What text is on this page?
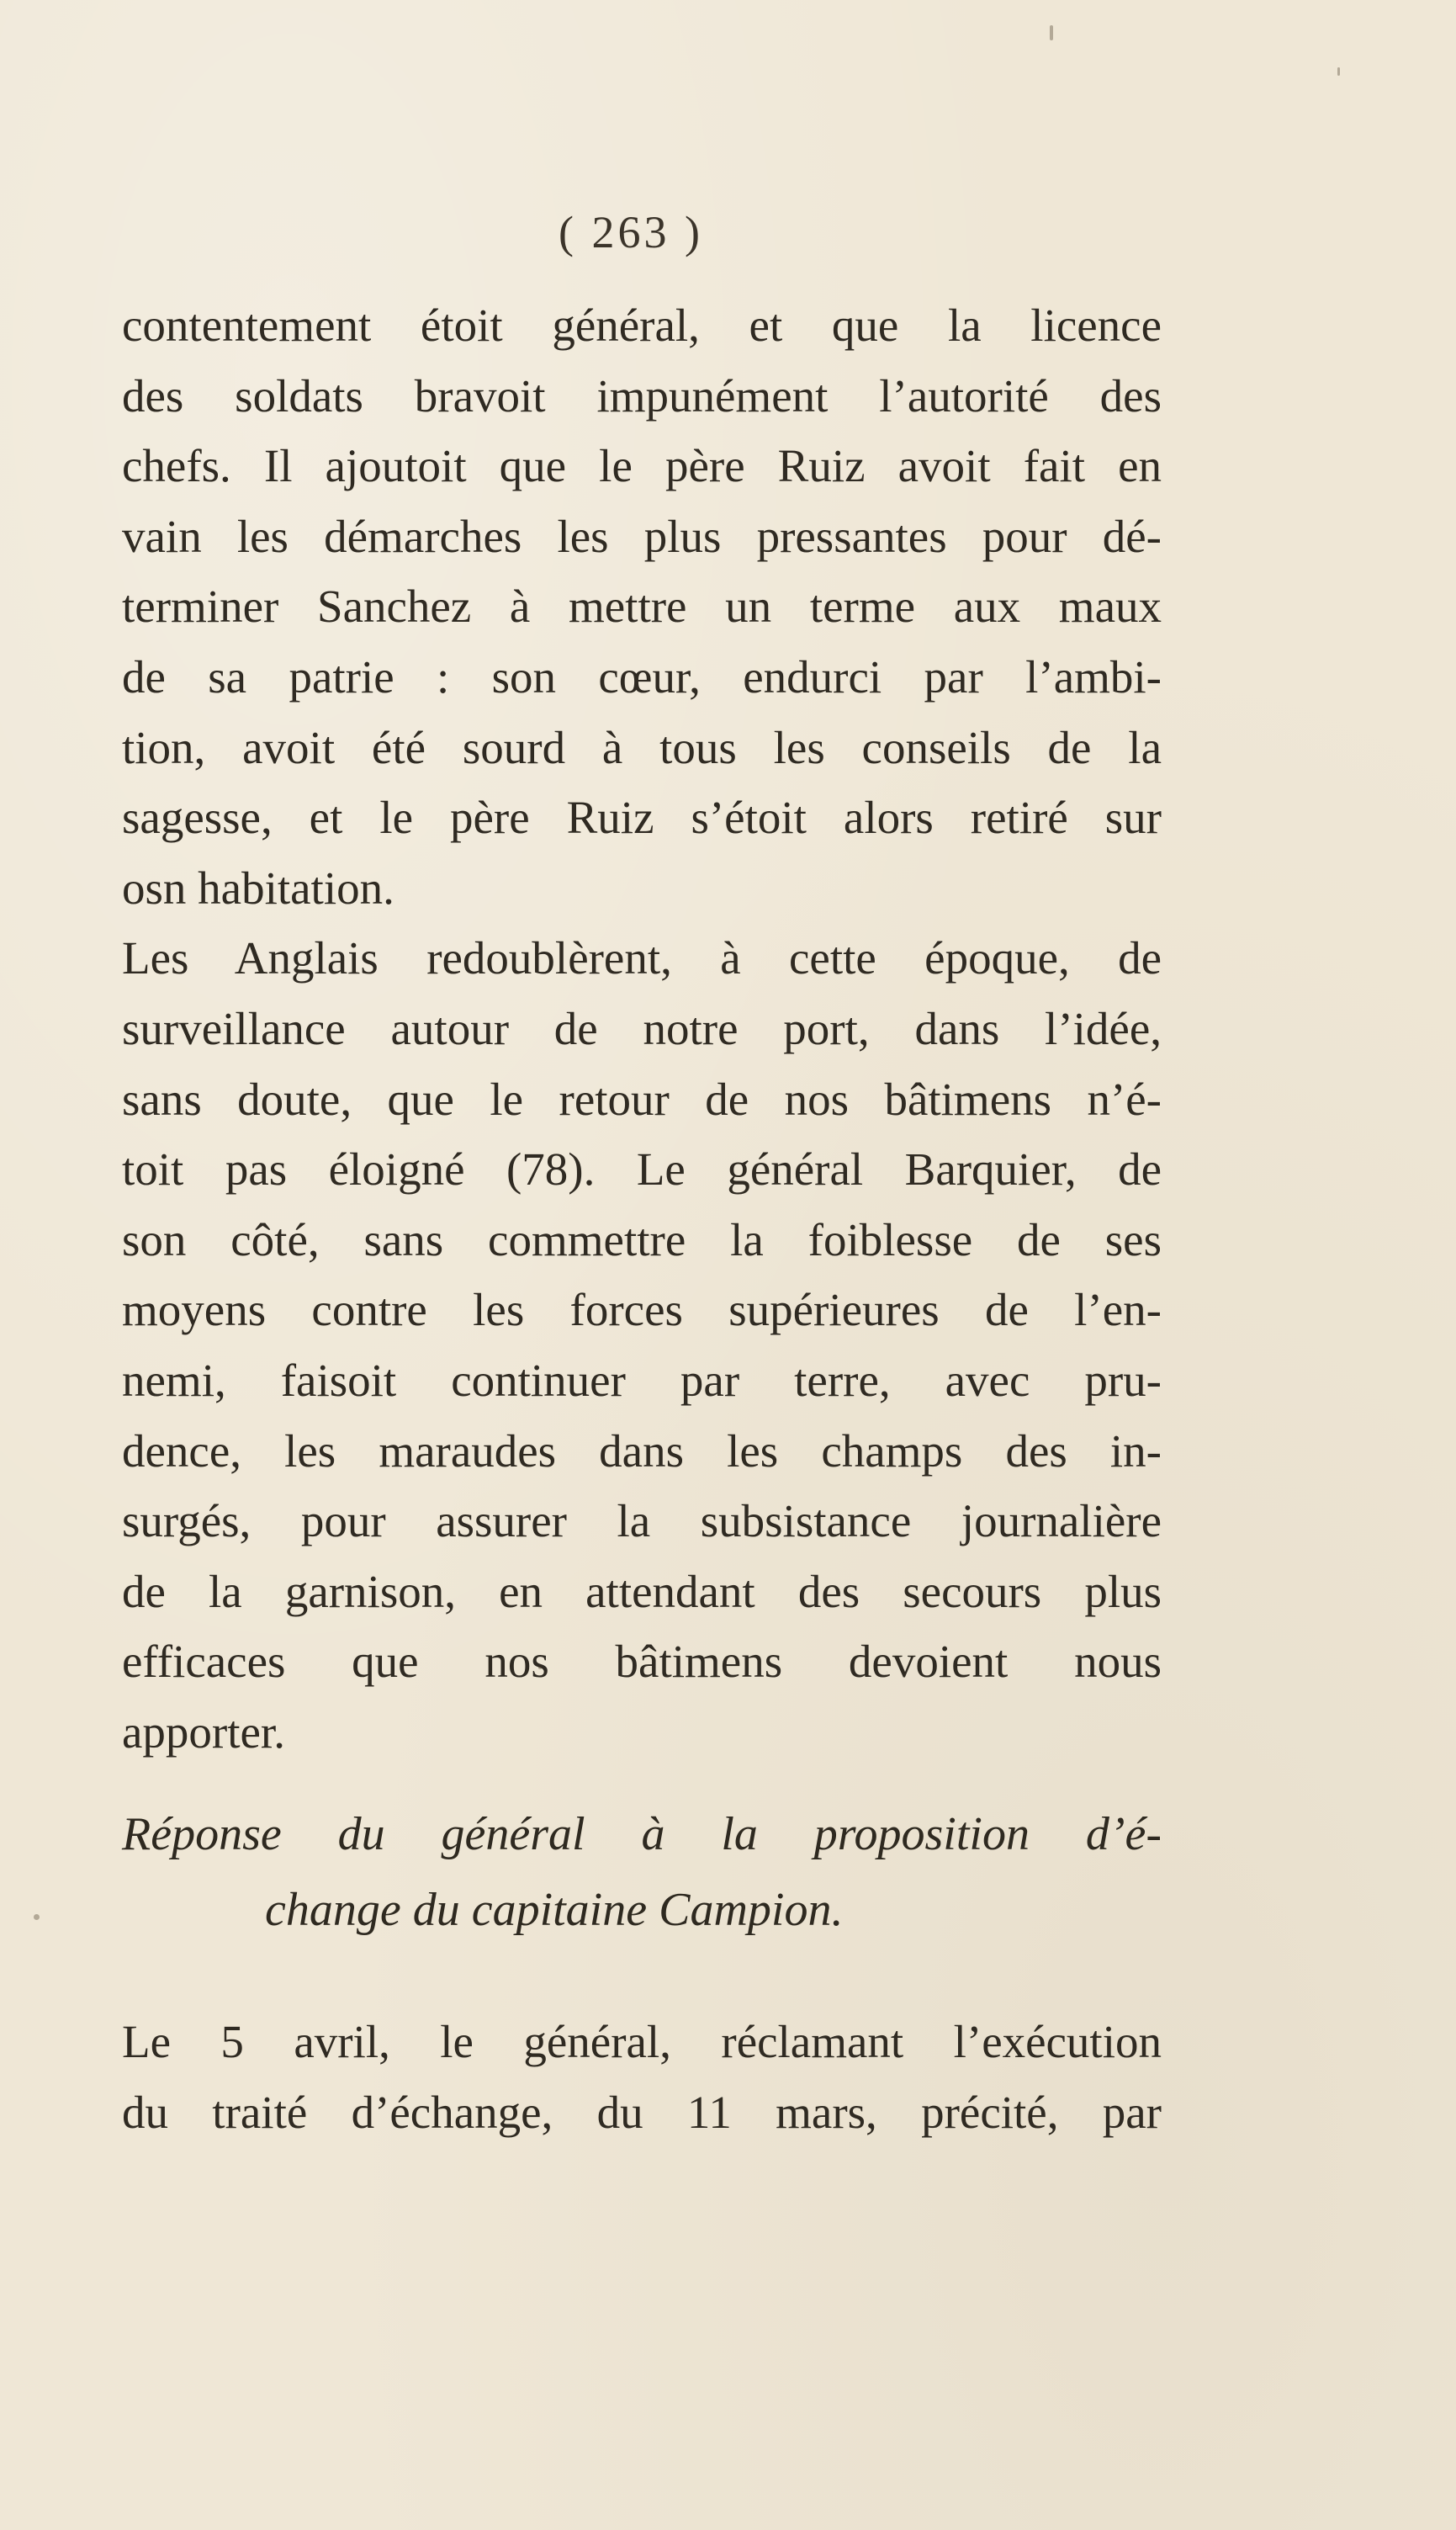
( 263 )
contentement étoit général, et que la licence
des soldats bravoit impunément l’autorité des
chefs. Il ajoutoit que le père Ruiz avoit fait en
vain les démarches les plus pressantes pour dé-
terminer Sanchez à mettre un terme aux maux
de sa patrie : son cœur, endurci par l’ambi-
tion, avoit été sourd à tous les conseils de la
sagesse, et le père Ruiz s’étoit alors retiré sur
osn habitation.
Les Anglais redoublèrent, à cette époque, de
surveillance autour de notre port, dans l’idée,
sans doute, que le retour de nos bâtimens n’é-
toit pas éloigné (78). Le général Barquier, de
son côté, sans commettre la foiblesse de ses
moyens contre les forces supérieures de l’en-
nemi, faisoit continuer par terre, avec pru-
dence, les maraudes dans les champs des in-
surgés, pour assurer la subsistance journalière
de la garnison, en attendant des secours plus
efficaces que nos bâtimens devoient nous
apporter.
Réponse du général à la proposition d’é-
change du capitaine Campion.
Le 5 avril, le général, réclamant l’exécution
du traité d’échange, du 11 mars, précité, par
